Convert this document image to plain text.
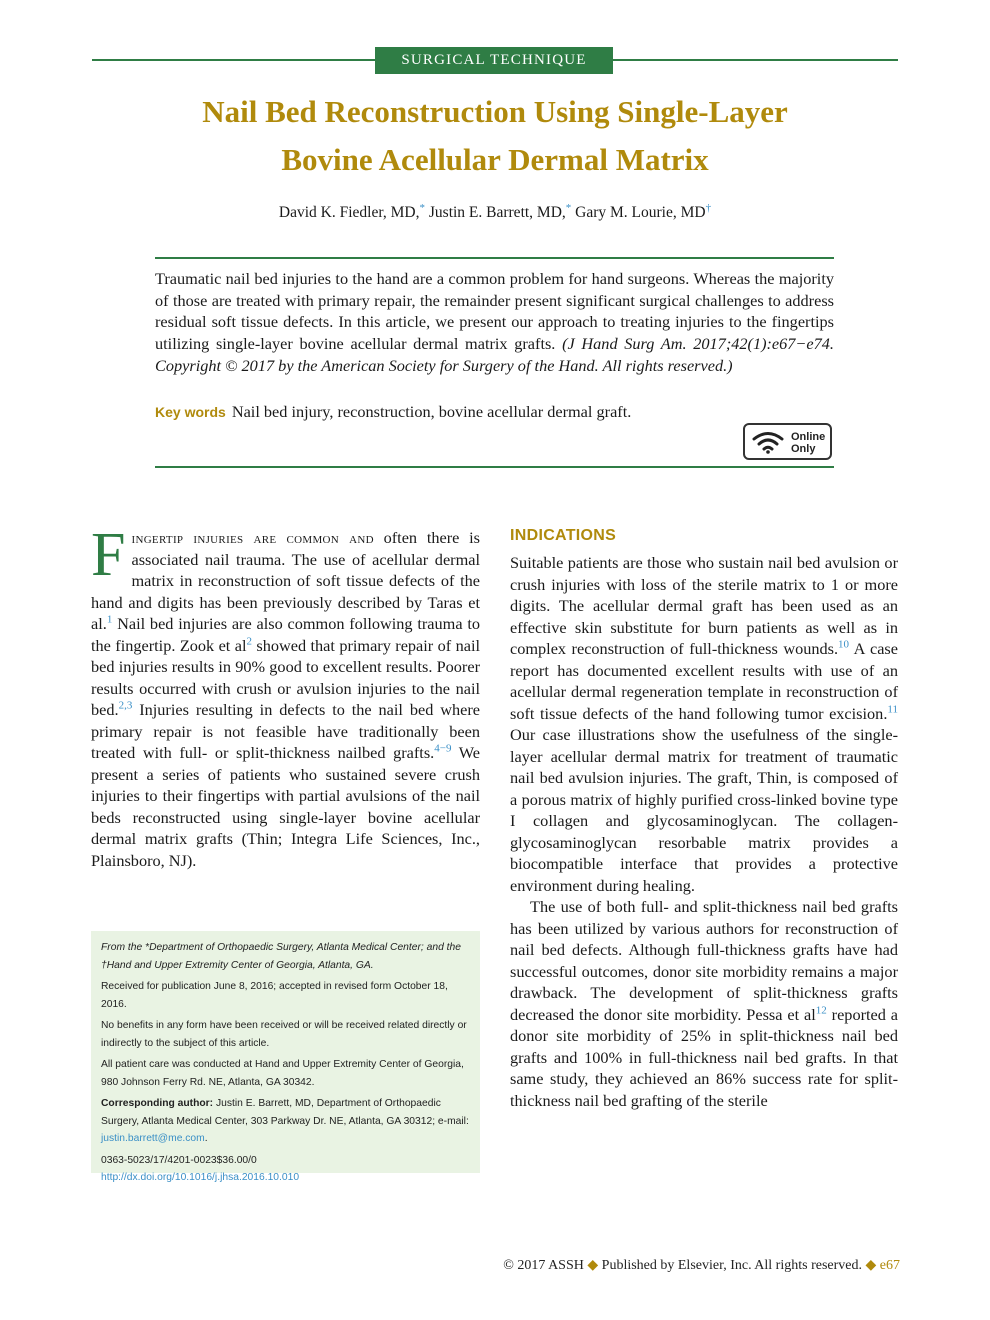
SURGICAL TECHNIQUE
Nail Bed Reconstruction Using Single-Layer
Bovine Acellular Dermal Matrix
David K. Fiedler, MD,* Justin E. Barrett, MD,* Gary M. Lourie, MD†
Traumatic nail bed injuries to the hand are a common problem for hand surgeons. Whereas the majority of those are treated with primary repair, the remainder present significant surgical challenges to address residual soft tissue defects. In this article, we present our approach to treating injuries to the fingertips utilizing single-layer bovine acellular dermal matrix grafts. (J Hand Surg Am. 2017;42(1):e67−e74. Copyright © 2017 by the American Society for Surgery of the Hand. All rights reserved.)
Key words Nail bed injury, reconstruction, bovine acellular dermal graft.
Online
Only
Fingertip injuries are common and often there is associated nail trauma. The use of acellular dermal matrix in reconstruction of soft tissue defects of the hand and digits has been previously described by Taras et al.$^1$ Nail bed injuries are also common following trauma to the fingertip. Zook et $al^2$ showed that primary repair of nail bed injuries results in 90% good to excellent results. Poorer results occurred with crush or avulsion injuries to the nail bed.$^{2,3}$ Injuries resulting in defects to the nail bed where primary repair is not feasible have traditionally been treated with full- or split-thickness nailbed grafts.$^{4-9}$ We present a series of patients who sustained severe crush injuries to their fingertips with partial avulsions of the nail beds reconstructed using single-layer bovine acellular dermal matrix grafts (Thin; Integra Life Sciences, Inc., Plainsboro, NJ).

From the *Department of Orthopaedic Surgery, Atlanta Medical Center; and the †Hand and Upper Extremity Center of Georgia, Atlanta, GA.

Received for publication June 8, 2016; accepted in revised form October 18, 2016.

No benefits in any form have been received or will be received related directly or indirectly to the subject of this article.

All patient care was conducted at Hand and Upper Extremity Center of Georgia, 980 Johnson Ferry Rd. NE, Atlanta, GA 30342.

Corresponding author: Justin E. Barrett, MD, Department of Orthopaedic Surgery, Atlanta Medical Center, 303 Parkway Dr. NE, Atlanta, GA 30312; e-mail: justin.barrett@me.com.

0363-5023/17/4201-0023$36.00/0
http://dx.doi.org/10.1016/j.jhsa.2016.10.010

INDICATIONS

Suitable patients are those who sustain nail bed avulsion or crush injuries with loss of the sterile matrix to 1 or more digits. The acellular dermal graft has been used as an effective skin substitute for burn patients as well as in complex reconstruction of full-thickness wounds.$^{10}$ A case report has documented excellent results with use of an acellular dermal regeneration template in reconstruction of soft tissue defects of the hand following tumor excision.$^{11}$ Our case illustrations show the usefulness of the single-layer acellular dermal matrix for treatment of traumatic nail bed avulsion injuries. The graft, Thin, is composed of a porous matrix of highly purified cross-linked bovine type I collagen and glycosaminoglycan. The collagen-glycosaminoglycan resorbable matrix provides a biocompatible interface that provides a protective environment during healing.

The use of both full- and split-thickness nail bed grafts has been utilized by various authors for reconstruction of nail bed defects. Although full-thickness grafts have had successful outcomes, donor site morbidity remains a major drawback. The development of split-thickness grafts decreased the donor site morbidity. Pessa et $al^{12}$ reported a donor site morbidity of 25% in split-thickness nail bed grafts and 100% in full-thickness nail bed grafts. In that same study, they achieved an 86% success rate for split-thickness nail bed grafting of the sterile

© 2017 ASSH ◆ Published by Elsevier, Inc. All rights reserved. ◆ e67
